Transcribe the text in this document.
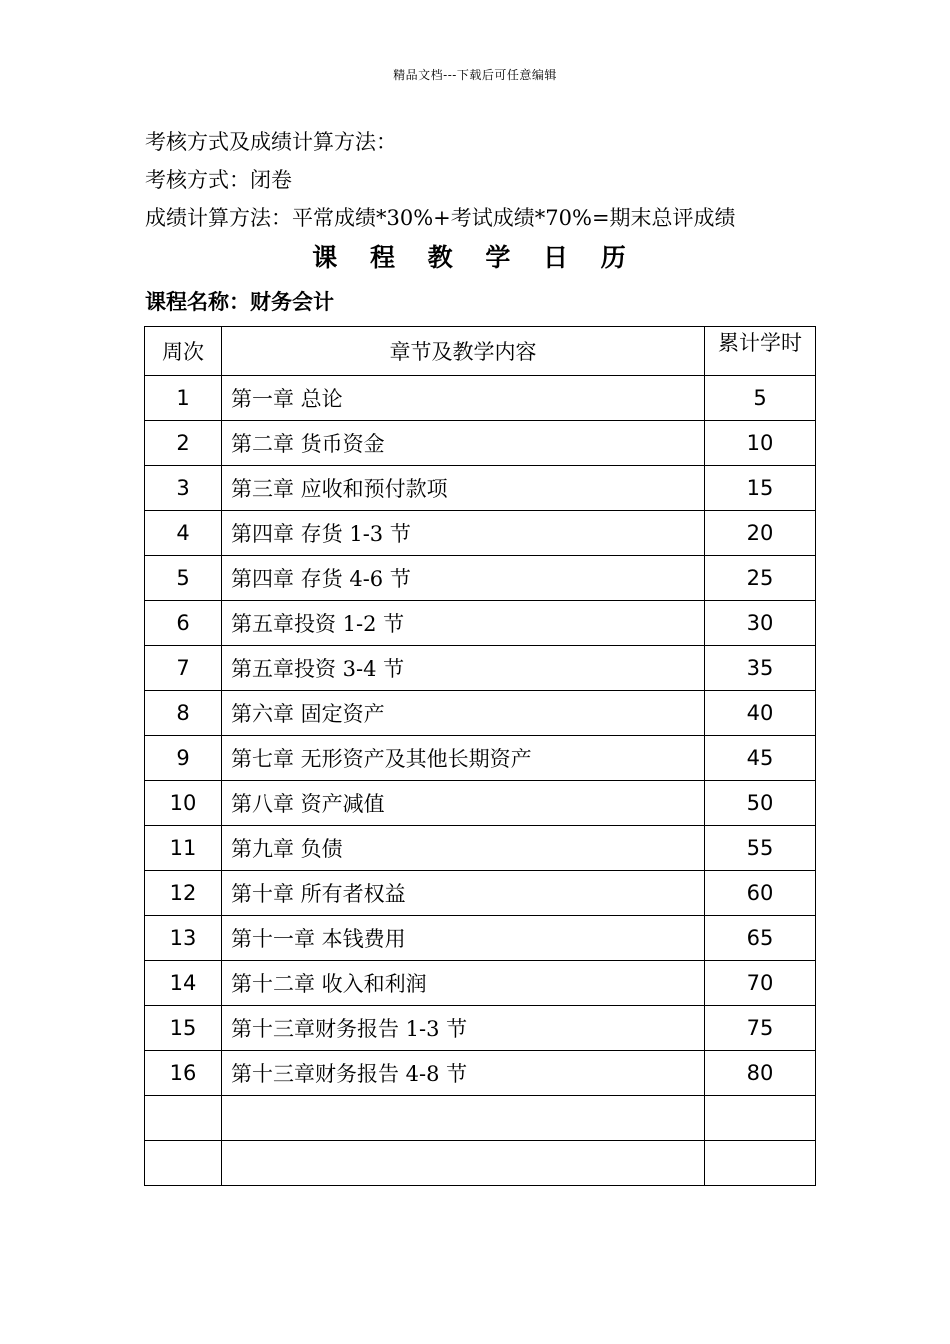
精品文档---下载后可任意编辑
考核方式及成绩计算方法：
考核方式：闭卷
成绩计算方法：平常成绩*30%+考试成绩*70%=期末总评成绩
课 程 教 学 日 历
课程名称：财务会计
周次	章节及教学内容	累计学时
1	第一章 总论	5
2	第二章 货币资金	10
3	第三章 应收和预付款项	15
4	第四章 存货 1-3 节	20
5	第四章 存货 4-6 节	25
6	第五章投资 1-2 节	30
7	第五章投资 3-4 节	35
8	第六章 固定资产	40
9	第七章 无形资产及其他长期资产	45
10	第八章 资产减值	50
11	第九章 负债	55
12	第十章 所有者权益	60
13	第十一章 本钱费用	65
14	第十二章 收入和利润	70
15	第十三章财务报告 1-3 节	75
16	第十三章财务报告 4-8 节	80
